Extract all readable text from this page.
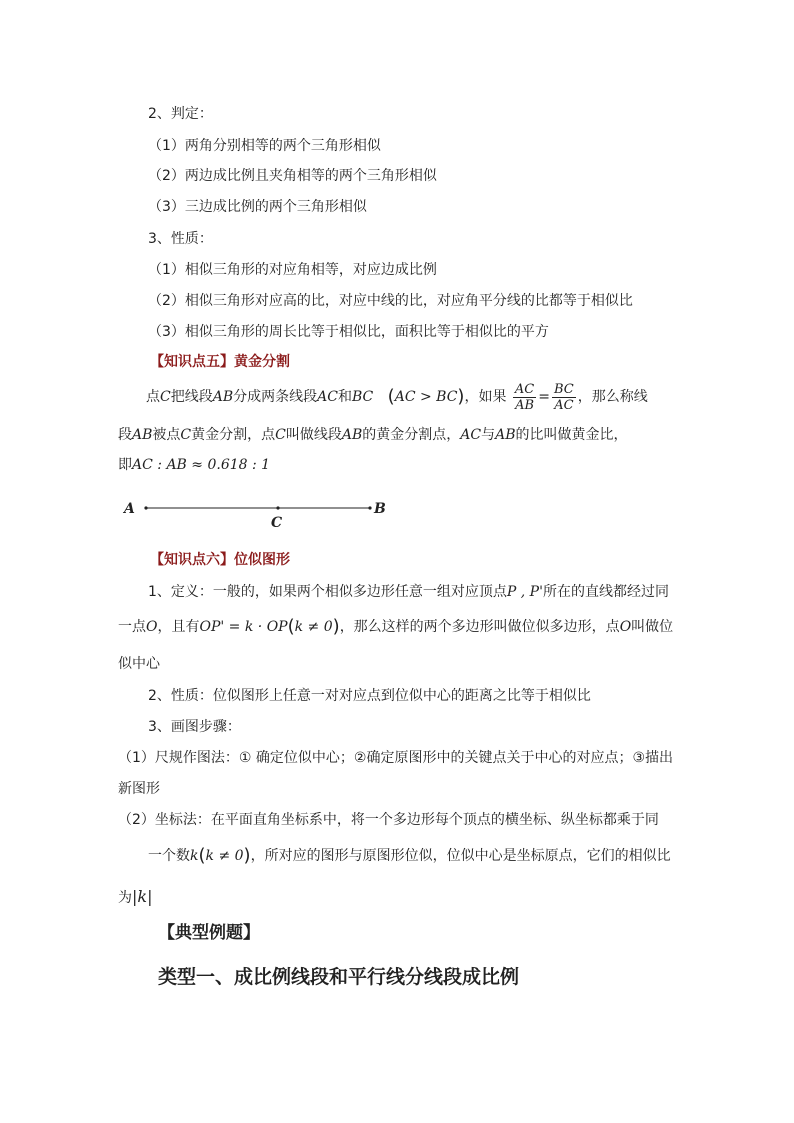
2、判定：
（1）两角分别相等的两个三角形相似
（2）两边成比例且夹角相等的两个三角形相似
（3）三边成比例的两个三角形相似
3、性质：
（1）相似三角形的对应角相等，对应边成比例
（2）相似三角形对应高的比，对应中线的比，对应角平分线的比都等于相似比
（3）相似三角形的周长比等于相似比，面积比等于相似比的平方
【知识点五】黄金分割
点C把线段AB分成两条线段AC和BC (AC > BC)，如果 $\frac{AC}{AB} = \frac{BC}{AC}$ ，那么称线
段AB被点C黄金分割，点C叫做线段AB的黄金分割点，AC与AB的比叫做黄金比，
即AC : AB ≈ 0.618 : 1
A
C
B
【知识点六】位似图形
1、定义：一般的，如果两个相似多边形任意一组对应顶点P , P'所在的直线都经过同
一点O，且有OP' = k · OP(k ≠ 0)，那么这样的两个多边形叫做位似多边形，点O叫做位
似中心
2、性质：位似图形上任意一对对应点到位似中心的距离之比等于相似比
3、画图步骤：
（1）尺规作图法：① 确定位似中心；②确定原图形中的关键点关于中心的对应点；③描出
新图形
（2）坐标法：在平面直角坐标系中，将一个多边形每个顶点的横坐标、纵坐标都乘于同
一个数k(k ≠ 0)，所对应的图形与原图形位似，位似中心是坐标原点，它们的相似比
为|k|
【典型例题】
类型一、成比例线段和平行线分线段成比例
